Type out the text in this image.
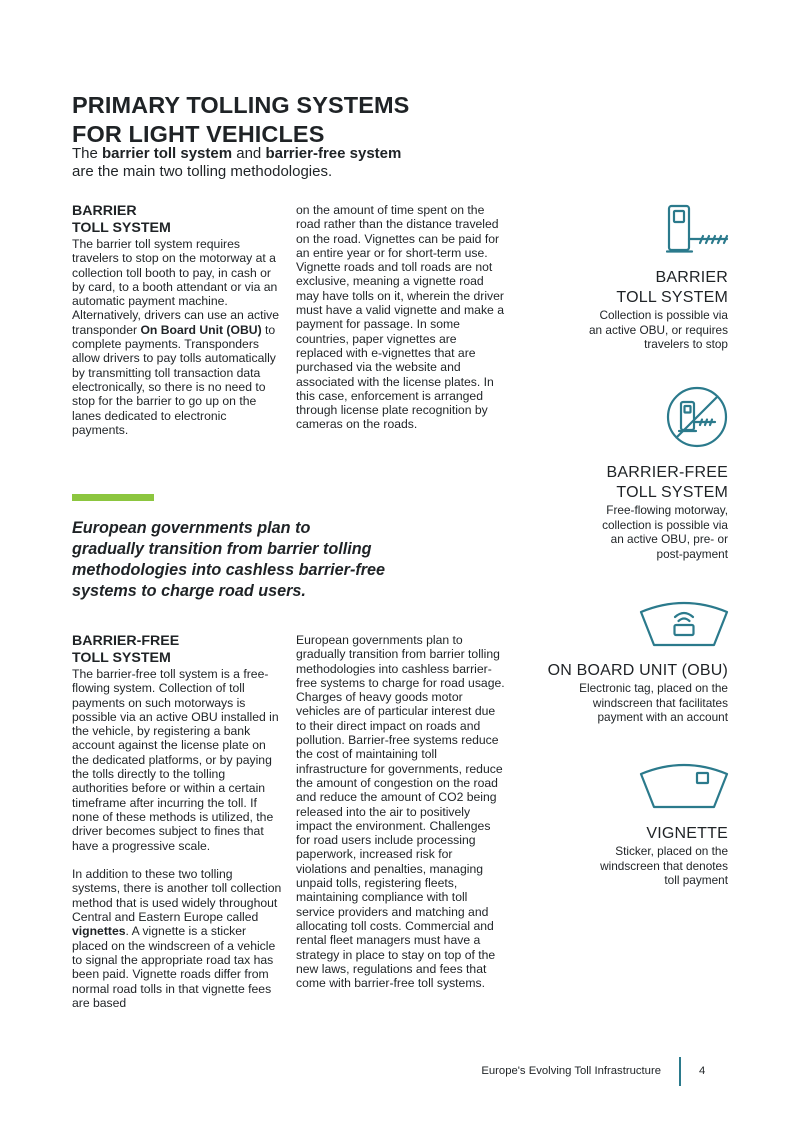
PRIMARY TOLLING SYSTEMS
FOR LIGHT VEHICLES
The barrier toll system and barrier-free system
are the main two tolling methodologies.
BARRIER
TOLL SYSTEM

The barrier toll system requires travelers to stop on the motorway at a collection toll booth to pay, in cash or by card, to a booth attendant or via an automatic payment machine. Alternatively, drivers can use an active transponder On Board Unit (OBU) to complete payments. Transponders allow drivers to pay tolls automatically by transmitting toll transaction data electronically, so there is no need to stop for the barrier to go up on the lanes dedicated to electronic payments.

on the amount of time spent on the road rather than the distance traveled on the road. Vignettes can be paid for an entire year or for short-term use. Vignette roads and toll roads are not exclusive, meaning a vignette road may have tolls on it, wherein the driver must have a valid vignette and make a payment for passage. In some countries, paper vignettes are replaced with e-vignettes that are purchased via the website and associated with the license plates. In this case, enforcement is arranged through license plate recognition by cameras on the roads.

European governments plan to
gradually transition from barrier tolling
methodologies into cashless barrier-free
systems to charge road users.
BARRIER-FREE
TOLL SYSTEM

The barrier-free toll system is a free-flowing system. Collection of toll payments on such motorways is possible via an active OBU installed in the vehicle, by registering a bank account against the license plate on the dedicated platforms, or by paying the tolls directly to the tolling authorities before or within a certain timeframe after incurring the toll. If none of these methods is utilized, the driver becomes subject to fines that have a progressive scale.

In addition to these two tolling systems, there is another toll collection method that is used widely throughout Central and Eastern Europe called vignettes. A vignette is a sticker placed on the windscreen of a vehicle to signal the appropriate road tax has been paid. Vignette roads differ from normal road tolls in that vignette fees are based

European governments plan to gradually transition from barrier tolling methodologies into cashless barrier-free systems to charge for road usage. Charges of heavy goods motor vehicles are of particular interest due to their direct impact on roads and pollution. Barrier-free systems reduce the cost of maintaining toll infrastructure for governments, reduce the amount of congestion on the road and reduce the amount of CO2 being released into the air to positively impact the environment. Challenges for road users include processing paperwork, increased risk for violations and penalties, managing unpaid tolls, registering fleets, maintaining compliance with toll service providers and matching and allocating toll costs. Commercial and rental fleet managers must have a strategy in place to stay on top of the new laws, regulations and fees that come with barrier-free toll systems.

BARRIER
TOLL SYSTEM
Collection is possible via
an active OBU, or requires
travelers to stop
BARRIER-FREE
TOLL SYSTEM
Free-flowing motorway,
collection is possible via
an active OBU, pre- or
post-payment
ON BOARD UNIT (OBU)
Electronic tag, placed on the
windscreen that facilitates
payment with an account
VIGNETTE
Sticker, placed on the
windscreen that denotes
toll payment
Europe's Evolving Toll Infrastructure	4
